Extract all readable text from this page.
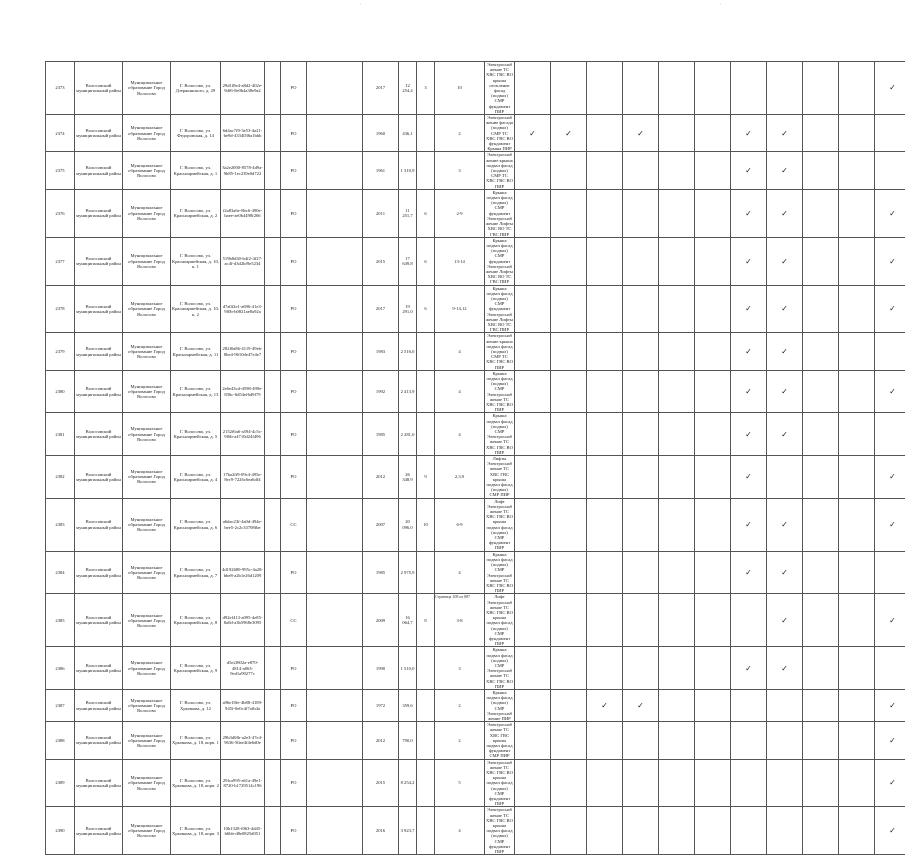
'	'
2373	Волосовский муниципальный район	Муниципальное образование Город Волосово	Г. Волосово, ул. Дзержинского, д. 29	29d1f8e4-a8d2-402e-9df6-8e0b4a38e9a2		РО		2017	12 254,4	3	10	Электроснабжение ТС ХВС ГВС ВО крыша отопление фасад (подвал) СМР фундамент ПИР											✓
2374	Волосовский муниципальный район	Муниципальное образование Город Волосово	Г. Волосово, ул. Федоровская, д. 14	6d4ac7f9-3e53-4a21-be9d-4334036a1bbb		РО		1960	436,1		2	Электроснабжение фасада (подвал) СМР ТС ХВС ГВС ВО фундамент Крыша ПИР	✓	✓		✓			✓	✓			
2375	Волосовский муниципальный район	Муниципальное образование Город Волосово	Г. Волосово, ул. Красноармейская, д. 1	3a2e2000-8578-4d9a-9b85-1ec239e0d722		РО		1961	1 310,9		3	Электроснабжение крыша подвал фасад (подвал) СМР ТС ХВС ГВС ВО ПИР							✓	✓			
2376	Волосовский муниципальный район	Муниципальное образование Город Волосово	Г. Волосово, ул. Красноармейская, д. 2	f2a83a6e-8bc6-490e-baee-ae0b4498f266		РО		2011	11 251,7	6	2-9	Крыша подвал фасад (подвал) СМР фундамент Электроснабжение Лифты ХВС ВО ТС ГВС ПИР							✓	✓			✓
2377	Волосовский муниципальный район	Муниципальное образование Город Волосово	Г. Волосово, ул. Красноармейская, д. 10, к. 1	519b8d30-b4f2-4f27-ac4f-d3d2bf9e5234		РО		2015	17 649,8	6	13-14	Крыша подвал фасад (подвал) СМР фундамент Электроснабжение Лифты ХВС ВО ТС ГВС ПИР							✓	✓			✓
2378	Волосовский муниципальный район	Муниципальное образование Город Волосово	Г. Волосово, ул. Красноармейская, д. 10, к. 2	d7a0f2e1-a696-41e3-9f0b-b0821ae8a92a		РО		2017	19 291,0	6	9-14,12	Крыша подвал фасад (подвал) СМР фундамент Электроснабжение Лифты ХВС ВО ТС ГВС ПИР							✓	✓			✓
2379	Волосовский муниципальный район	Муниципальное образование Город Волосово	Г. Волосово, ул. Красноармейская, д. 11	282f0a86-4119-49eb-8be4-9610de47e4e7		РО		1983	2 516,0		4	Электроснабжение крыша подвал фасад (подвал) СМР ТС ХВС ГВС ВО ПИР							✓	✓			
2380	Волосовский муниципальный район	Муниципальное образование Город Волосово	Г. Волосово, ул. Красноармейская, д. 13	2e6e43cd-d598-499e-836c-6d54ef6d9f79		РО		1992	2 413,9		4	Крыша подвал фасад (подвал) СМР Электроснабжение ТС ХВС ГВС ВО ПИР							✓	✓			✓
2381	Волосовский муниципальный район	Муниципальное образование Город Волосово	Г. Волосово, ул. Красноармейская, д. 5	2152f6a6-a594-4c5c-9f6b-a4710d24f496		РО		1985	2 281,0		4	Крыша подвал фасад (подвал) СМР Электроснабжение ТС ХВС ГВС ВО ПИР							✓	✓			
2382	Волосовский муниципальный район	Муниципальное образование Город Волосово	Г. Волосово, ул. Красноармейская, д. 4	17ba2ff9-09c4-495e-8ec9-7226c6ea6df4		РО		2012	26 348,9	9	2,3,9	Лифты Электроснабжение ТС ХВС ГВС крыша подвал фасад (подвал) СМР ПИР							✓				✓
2383	Волосовский муниципальный район	Муниципальное образование Город Волосово	Г. Волосово, ул. Красноармейская, д. 6	a6dac23f-4a0d-494e-bee5-2c2c33708fbe		СС		2007	20 096,0	10	6-9	Лифт Электроснабжение ТС ХВС ГВС ВО крыша подвал фасад (подвал) СМР фундамент ПИР							✓	✓			✓
2384	Волосовский муниципальный район	Муниципальное образование Город Волосово	Г. Волосово, ул. Красноармейская, д. 7	4d192680-995c-4a28-bbe8-a2b1e26d1209		РО		1985	2 975,9		4	Крыша подвал фасад (подвал) СМР Электроснабжение ТС ХВС ГВС ВО ПИР							✓	✓			
2385	Волосовский муниципальный район	Муниципальное образование Город Волосово	Г. Волосово, ул. Красноармейская, д. 8	d92ef413-a095-4e85-8a0d-a3b5968e3095		СС		2009	16 064,7	8	3-8	Лифт Электроснабжение ТС ХВС ГВС ВО крыша подвал фасад (подвал) СМР фундамент ПИР								✓			✓
2386	Волосовский муниципальный район	Муниципальное образование Город Волосово	Г. Волосово, ул. Красноармейская, д. 9	d5e2f802a-e870-4814-a863-9ed1a99277c		РО		1990	1 510,0		3	Крыша подвал фасад (подвал) СМР Электроснабжение ТС ХВС ГВС ВО ПИР							✓	✓			
2387	Волосовский муниципальный район	Муниципальное образование Город Волосово	Г. Волосово, ул. Хрычкова, д. 12	a96e18fe-4b88-4189-945f-0e0c4f7afb4a		РО		1972	359,6		2	Крыша подвал фасад (подвал) СМР Электроснабжение ПИР			✓	✓							✓
2388	Волосовский муниципальный район	Муниципальное образование Город Волосово	Г. Волосово, ул. Хрычкова, д. 18, корп. 1	29b3d0fb-a2e3-47e4-9636-50ae4f4e6d0e		РО		2012	790,0		2	Электроснабжение ТС ХВС ГВС крыша подвал фасад фундамент СМР ПИР											✓
2389	Волосовский муниципальный район	Муниципальное образование Город Волосово	Г. Волосово, ул. Хрычкова, д. 18, корп. 2	29fca995-a61a-49e1-8720-b1729514c196		РО		2015	8 254,2		5	Электроснабжение ТС ХВС ГВС ВО крыша подвал фасад (подвал) СМР фундамент ПИР											✓
2390	Волосовский муниципальный район	Муниципальное образование Город Волосово	Г. Волосово, ул. Хрычкова, д. 18, корп. 3	10b1328-f063-4d45-b6bb-d8e0825d051		РО		2016	3 923,7		4	Электроснабжение ТС ХВС ГВС ВО крыша подвал фасад (подвал) СМР фундамент ПИР											✓
Страница 108 из 887
